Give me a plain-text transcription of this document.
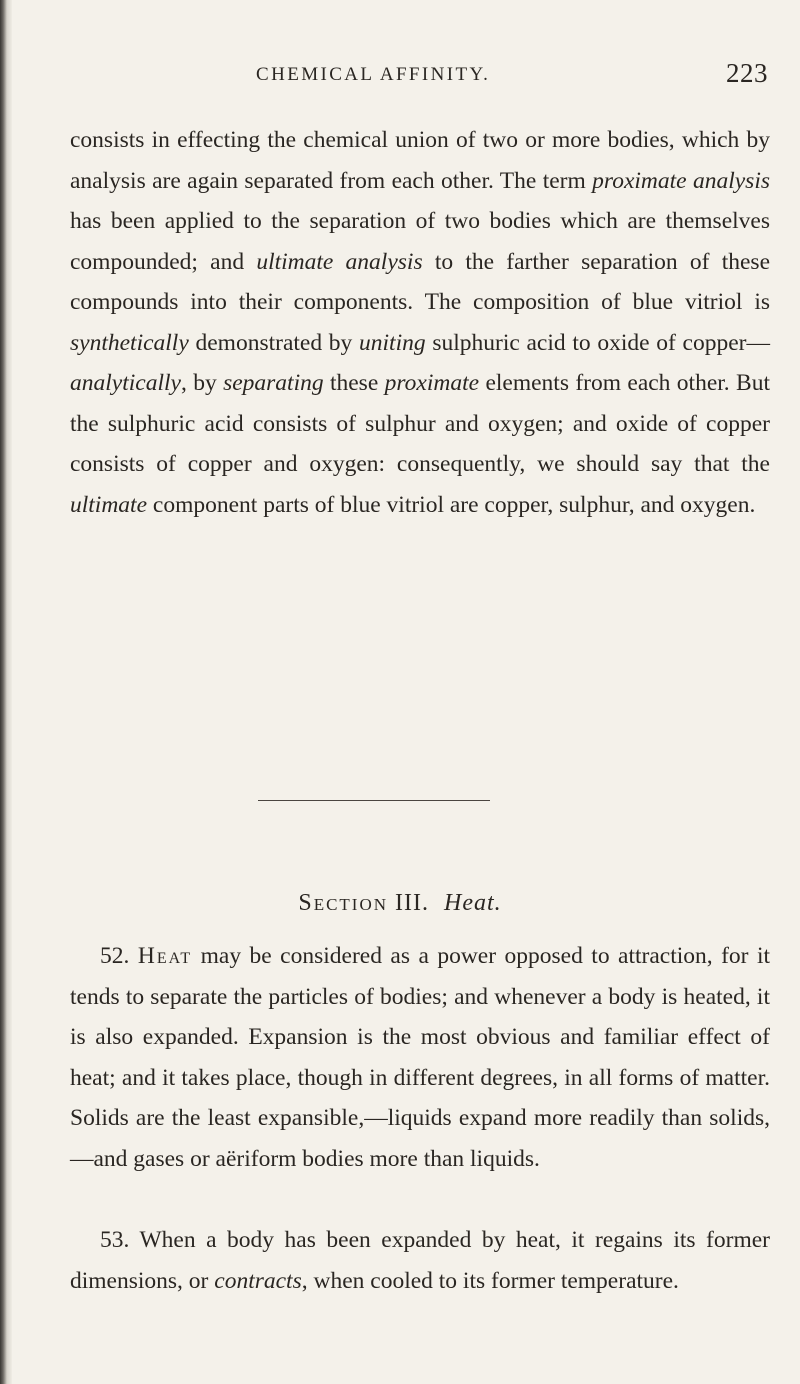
CHEMICAL AFFINITY.	223

consists in effecting the chemical union of two or more bodies, which by analysis are again separated from each other. The term proximate analysis has been applied to the separation of two bodies which are themselves compounded; and ultimate analysis to the farther separation of these compounds into their components. The composition of blue vitriol is synthetically demonstrated by uniting sulphuric acid to oxide of copper—analytically, by separating these proximate elements from each other. But the sulphuric acid consists of sulphur and oxygen; and oxide of copper consists of copper and oxygen: consequently, we should say that the ultimate component parts of blue vitriol are copper, sulphur, and oxygen.

Section III. Heat.

52. Heat may be considered as a power opposed to attraction, for it tends to separate the particles of bodies; and whenever a body is heated, it is also expanded. Expansion is the most obvious and familiar effect of heat; and it takes place, though in different degrees, in all forms of matter. Solids are the least expansible,—liquids expand more readily than solids,—and gases or aëriform bodies more than liquids.

53. When a body has been expanded by heat, it regains its former dimensions, or contracts, when cooled to its former temperature.
